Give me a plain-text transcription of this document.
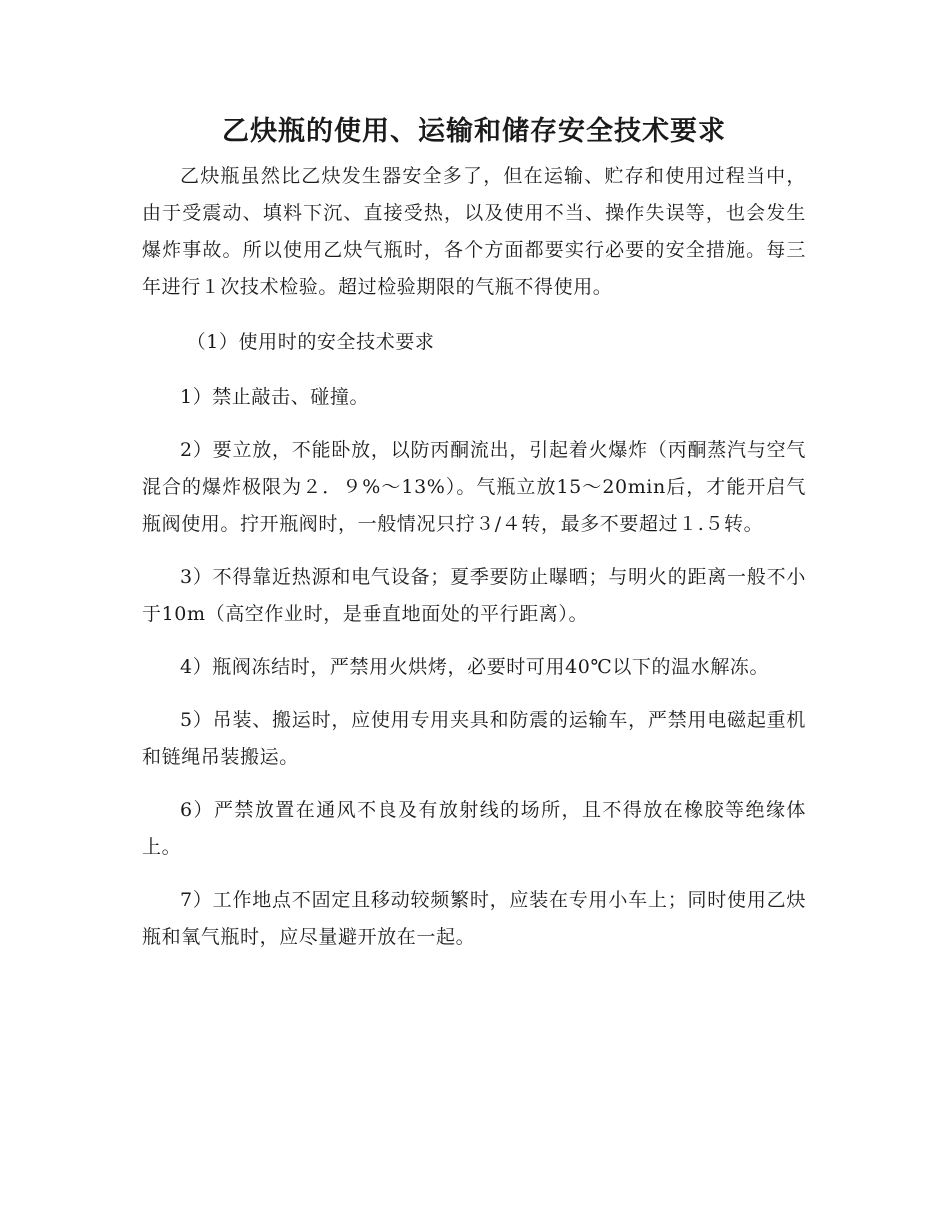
乙炔瓶的使用、运输和储存安全技术要求

乙炔瓶虽然比乙炔发生器安全多了，但在运输、贮存和使用过程当中，由于受震动、填料下沉、直接受热，以及使用不当、操作失误等，也会发生爆炸事故。所以使用乙炔气瓶时，各个方面都要实行必要的安全措施。每三年进行１次技术检验。超过检验期限的气瓶不得使用。

（1）使用时的安全技术要求

1）禁止敲击、碰撞。

2）要立放，不能卧放，以防丙酮流出，引起着火爆炸（丙酮蒸汽与空气混合的爆炸极限为２．９%～13%）。气瓶立放15～20min后，才能开启气瓶阀使用。拧开瓶阀时，一般情况只拧３/４转，最多不要超过１.５转。

3）不得靠近热源和电气设备；夏季要防止曝晒；与明火的距离一般不小于10m（高空作业时，是垂直地面处的平行距离）。

4）瓶阀冻结时，严禁用火烘烤，必要时可用40℃以下的温水解冻。

5）吊装、搬运时，应使用专用夹具和防震的运输车，严禁用电磁起重机和链绳吊装搬运。

6）严禁放置在通风不良及有放射线的场所，且不得放在橡胶等绝缘体上。

7）工作地点不固定且移动较频繁时，应装在专用小车上；同时使用乙炔瓶和氧气瓶时，应尽量避开放在一起。
